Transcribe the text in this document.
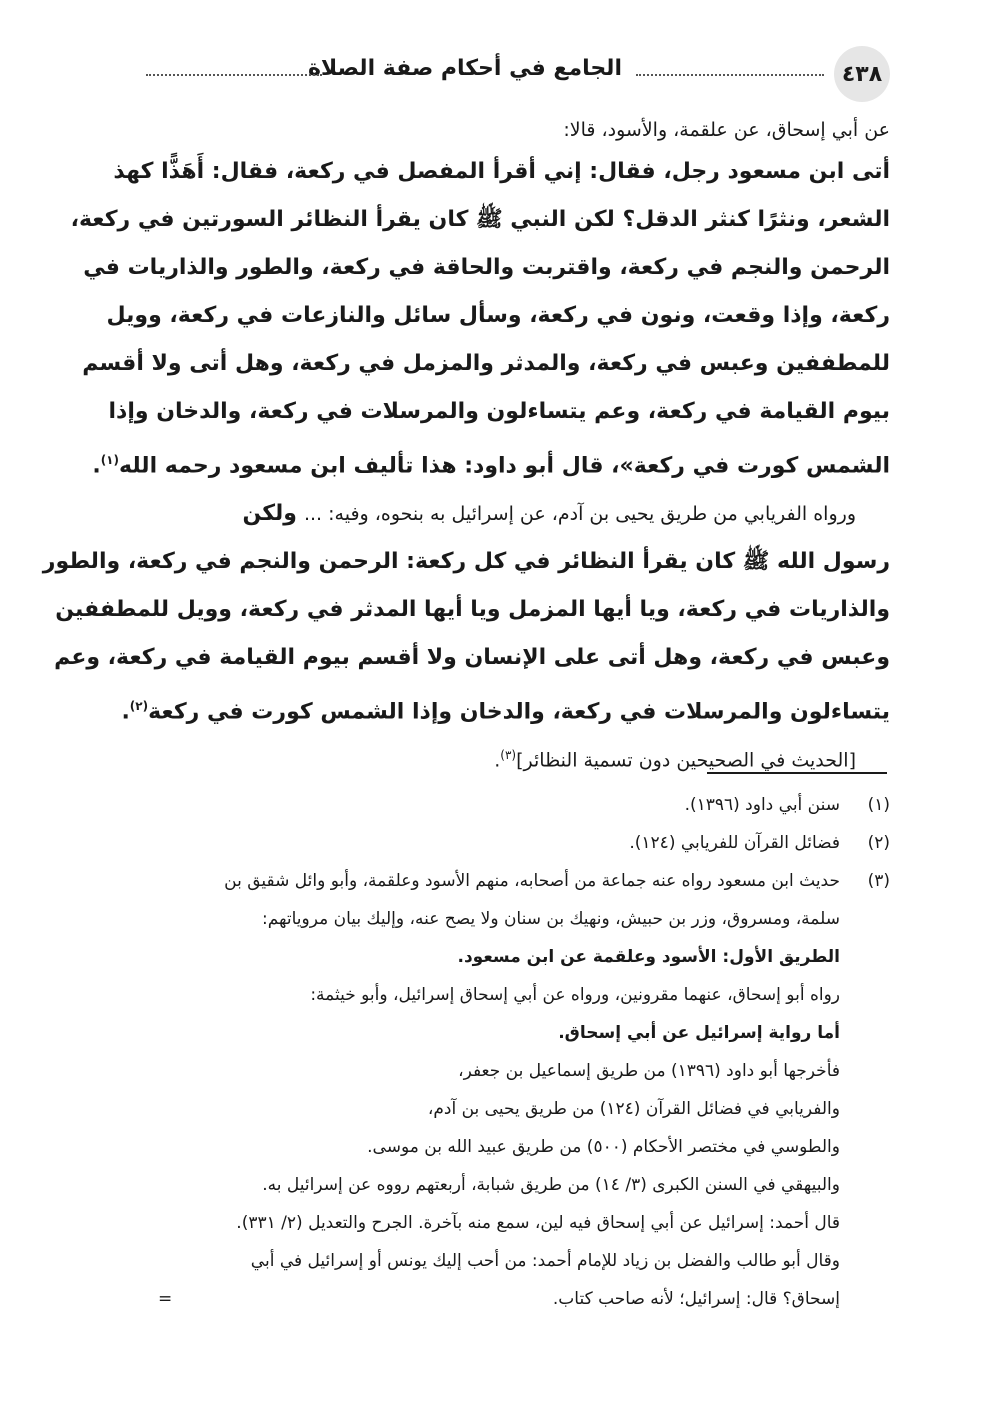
٤٣٨
الجامع في أحكام صفة الصلاة
عن أبي إسحاق، عن علقمة، والأسود، قالا:
أتى ابن مسعود رجل، فقال: إني أقرأ المفصل في ركعة، فقال: أَهَذًّا كهذ
الشعر، ونثرًا كنثر الدقل؟ لكن النبي ﷺ كان يقرأ النظائر السورتين في ركعة،
الرحمن والنجم في ركعة، واقتربت والحاقة في ركعة، والطور والذاريات في
ركعة، وإذا وقعت، ونون في ركعة، وسأل سائل والنازعات في ركعة، وويل
للمطففين وعبس في ركعة، والمدثر والمزمل في ركعة، وهل أتى ولا أقسم
بيوم القيامة في ركعة، وعم يتساءلون والمرسلات في ركعة، والدخان وإذا
الشمس كورت في ركعة»، قال أبو داود: هذا تأليف ابن مسعود رحمه الله$^{(١)}$.
ورواه الفريابي من طريق يحيى بن آدم، عن إسرائيل به بنحوه، وفيه: ... ولكن
رسول الله ﷺ كان يقرأ النظائر في كل ركعة: الرحمن والنجم في ركعة، والطور
والذاريات في ركعة، ويا أيها المزمل ويا أيها المدثر في ركعة، وويل للمطففين
وعبس في ركعة، وهل أتى على الإنسان ولا أقسم بيوم القيامة في ركعة، وعم
يتساءلون والمرسلات في ركعة، والدخان وإذا الشمس كورت في ركعة$^{(٢)}$.
[الحديث في الصحيحين دون تسمية النظائر]$^{(٣)}$.
(١)سنن أبي داود (١٣٩٦).
(٢)فضائل القرآن للفريابي (١٢٤).
(٣)حديث ابن مسعود رواه عنه جماعة من أصحابه، منهم الأسود وعلقمة، وأبو وائل شقيق بن
سلمة، ومسروق، وزر بن حبيش، ونهيك بن سنان ولا يصح عنه، وإليك بيان مروياتهم:
الطريق الأول: الأسود وعلقمة عن ابن مسعود.
رواه أبو إسحاق، عنهما مقرونين، ورواه عن أبي إسحاق إسرائيل، وأبو خيثمة:
أما رواية إسرائيل عن أبي إسحاق.
فأخرجها أبو داود (١٣٩٦) من طريق إسماعيل بن جعفر،
والفريابي في فضائل القرآن (١٢٤) من طريق يحيى بن آدم،
والطوسي في مختصر الأحكام (٥٠٠) من طريق عبيد الله بن موسى.
والبيهقي في السنن الكبرى (٣/ ١٤) من طريق شبابة، أربعتهم رووه عن إسرائيل به.
قال أحمد: إسرائيل عن أبي إسحاق فيه لين، سمع منه بآخرة. الجرح والتعديل (٢/ ٣٣١).
وقال أبو طالب والفضل بن زياد للإمام أحمد: من أحب إليك يونس أو إسرائيل في أبي
إسحاق؟ قال: إسرائيل؛ لأنه صاحب كتاب.
=
